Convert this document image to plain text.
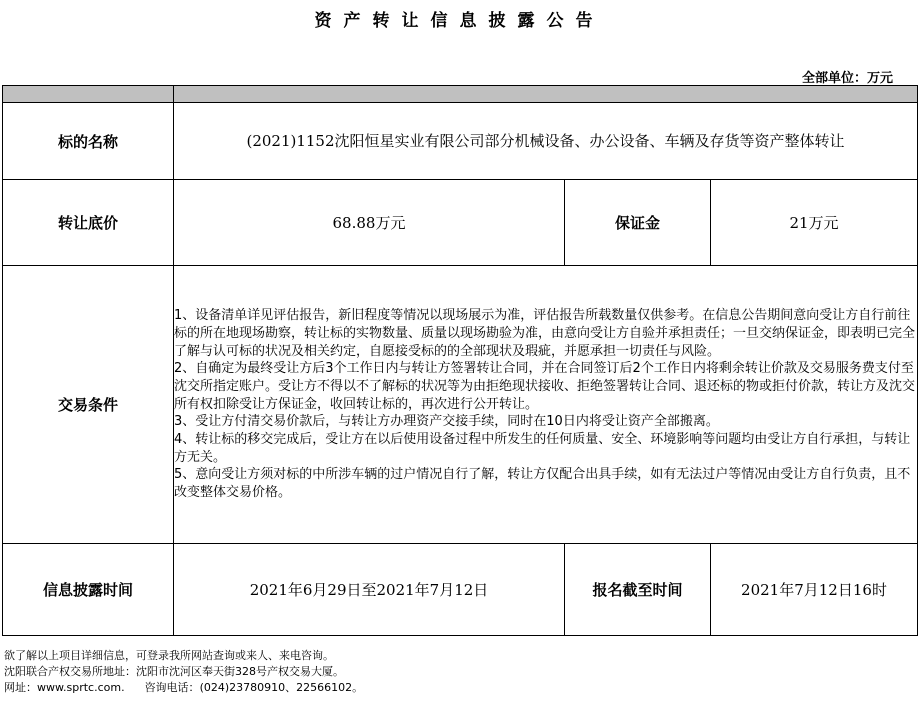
资产转让信息披露公告
全部单位：万元

标的名称	(2021)1152沈阳恒星实业有限公司部分机械设备、办公设备、车辆及存货等资产整体转让		
转让底价	68.88万元	保证金	21万元
交易条件	1、设备清单详见评估报告，新旧程度等情况以现场展示为准，评估报告所载数量仅供参考。在信息公告期间意向受让方自行前往标的所在地现场勘察，转让标的实物数量、质量以现场勘验为准，由意向受让方自验并承担责任；一旦交纳保证金，即表明已完全了解与认可标的状况及相关约定，自愿接受标的的全部现状及瑕疵，并愿承担一切责任与风险。

2、自确定为最终受让方后3个工作日内与转让方签署转让合同，并在合同签订后2个工作日内将剩余转让价款及交易服务费支付至沈交所指定账户。受让方不得以不了解标的状况等为由拒绝现状接收、拒绝签署转让合同、退还标的物或拒付价款，转让方及沈交所有权扣除受让方保证金，收回转让标的，再次进行公开转让。

3、受让方付清交易价款后，与转让方办理资产交接手续，同时在10日内将受让资产全部搬离。

4、转让标的移交完成后，受让方在以后使用设备过程中所发生的任何质量、安全、环境影响等问题均由受让方自行承担，与转让方无关。

5、意向受让方须对标的中所涉车辆的过户情况自行了解，转让方仅配合出具手续，如有无法过户等情况由受让方自行负责，且不改变整体交易价格。		

信息披露时间	2021年6月29日至2021年7月12日	报名截至时间	2021年7月12日16时

欲了解以上项目详细信息，可登录我所网站查询或来人、来电咨询。

沈阳联合产权交易所地址：沈阳市沈河区奉天街328号产权交易大厦。

网址：www.sprtc.com. 咨询电话：(024)23780910、22566102。
